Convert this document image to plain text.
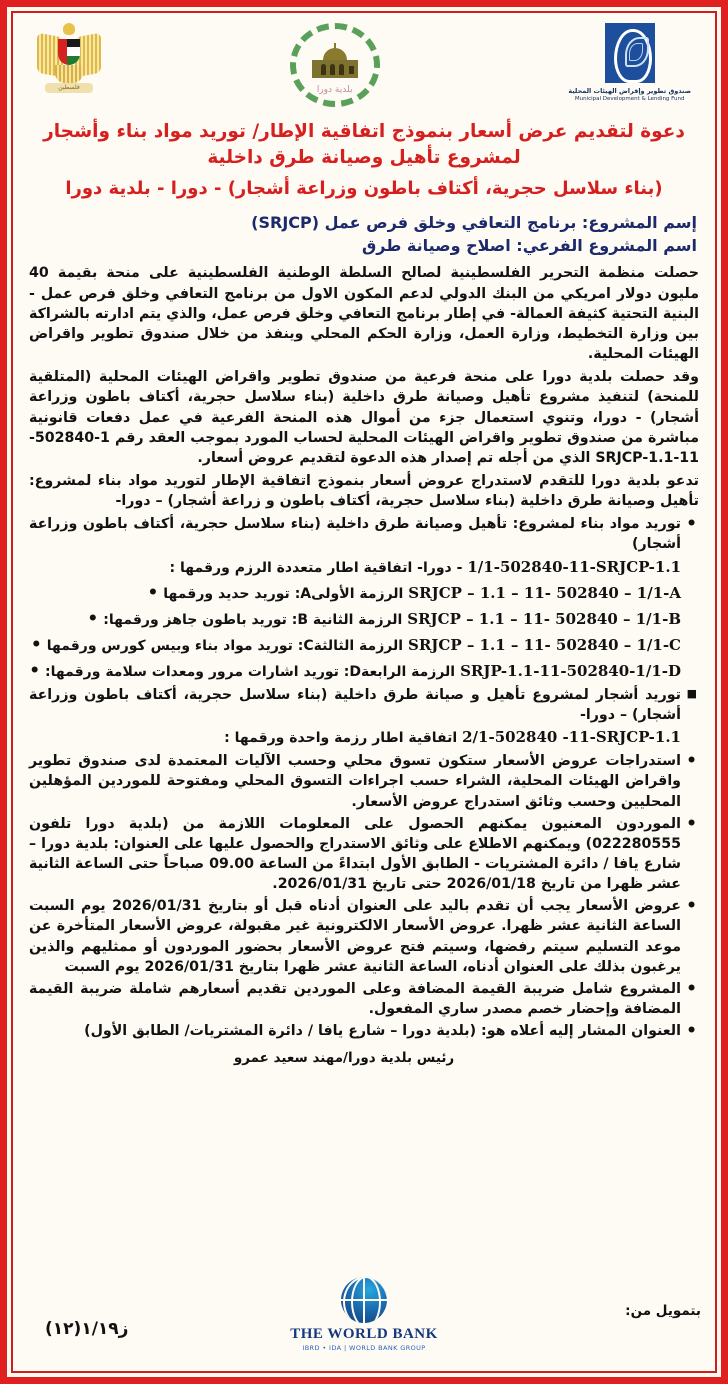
صندوق تطوير وإقراض الهيئات المحلية
Municipal Development & Lending Fund
بلدية دورا
فلسطين
دعوة لتقديم عرض أسعار بنموذج اتفاقية الإطار/ توريد مواد بناء وأشجار
لمشروع تأهيل وصيانة طرق داخلية
(بناء سلاسل حجرية، أكتاف باطون وزراعة أشجار) - دورا - بلدية دورا
إسم المشروع: برنامج التعافي وخلق فرص عمل (SRJCP)
اسم المشروع الفرعي: اصلاح وصيانة طرق

حصلت منظمة التحرير الفلسطينية لصالح السلطة الوطنية الفلسطينية على منحة بقيمة 40 مليون دولار امريكي من البنك الدولي لدعم المكون الاول من برنامج التعافي وخلق فرص عمل - البنية التحتية كثيفة العمالة- في إطار برنامج التعافي وخلق فرص عمل، والذي يتم ادارته بالشراكة بين وزارة التخطيط، وزارة العمل، وزارة الحكم المحلي وينفذ من خلال صندوق تطوير واقراض الهيئات المحلية.

وقد حصلت بلدية دورا على منحة فرعية من صندوق تطوير واقراض الهيئات المحلية (المتلقية للمنحة) لتنفيذ مشروع تأهيل وصيانة طرق داخلية (بناء سلاسل حجرية، أكتاف باطون وزراعة أشجار) - دورا، وتنوي استعمال جزء من أموال هذه المنحة الفرعية في عمل دفعات قانونية مباشرة من صندوق تطوير واقراض الهيئات المحلية لحساب المورد بموجب العقد رقم 1-502840-11-SRJCP-1.1 الذي من أجله تم إصدار هذه الدعوة لتقديم عروض أسعار.

تدعو بلدية دورا للتقدم لاستدراج عروض أسعار بنموذج اتفاقية الإطار لتوريد مواد بناء لمشروع: تأهيل وصيانة طرق داخلية (بناء سلاسل حجرية، أكتاف باطون و زراعة أشجار) – دورا-

• توريد مواد بناء لمشروع: تأهيل وصيانة طرق داخلية (بناء سلاسل حجرية، أكتاف باطون وزراعة أشجار)
1/1-502840-11-SRJCP-1.1 - دورا- اتفاقية اطار متعددة الرزم ورقمها :
SRJCP – 1.1 – 11- 502840 – 1/1-A الرزمة الأولىA: توريد حديد ورقمها •
SRJCP – 1.1 – 11- 502840 – 1/1-B الرزمة الثانية B: توريد باطون جاهز ورقمها: •
SRJCP – 1.1 – 11- 502840 – 1/1-C الرزمة الثالثةC: توريد مواد بناء وبيس كورس ورقمها •
SRJP-1.1-11-502840-1/1-D الرزمة الرابعةD: توريد اشارات مرور ومعدات سلامة ورقمها: •
■ توريد أشجار لمشروع تأهيل و صيانة طرق داخلية (بناء سلاسل حجرية، أكتاف باطون وزراعة أشجار) – دورا-
2/1-502840 -11-SRJCP-1.1 اتفاقية اطار رزمة واحدة ورقمها :
• استدراجات عروض الأسعار ستكون تسوق محلي وحسب الآليات المعتمدة لدى صندوق تطوير واقراض الهيئات المحلية، الشراء حسب اجراءات التسوق المحلي ومفتوحة للموردين المؤهلين المحليين وحسب وثائق استدراج عروض الأسعار.
• الموردون المعنيون يمكنهم الحصول على المعلومات اللازمة من (بلدية دورا تلفون 022280555) ويمكنهم الاطلاع على وثائق الاستدراج والحصول عليها على العنوان: بلدية دورا – شارع يافا / دائرة المشتريات - الطابق الأول ابتداءً من الساعة 09.00 صباحاً حتى الساعة الثانية عشر ظهرا من تاريخ 2026/01/18 حتى تاريخ 2026/01/31.
• عروض الأسعار يجب أن تقدم باليد على العنوان أدناه قبل أو بتاريخ 2026/01/31 يوم السبت الساعة الثانية عشر ظهرا. عروض الأسعار الالكترونية غير مقبولة، عروض الأسعار المتأخرة عن موعد التسليم سيتم رفضها، وسيتم فتح عروض الأسعار بحضور الموردون أو ممثليهم والذين يرغبون بذلك على العنوان أدناه، الساعة الثانية عشر ظهرا بتاريخ 2026/01/31 يوم السبت
• المشروع شامل ضريبة القيمة المضافة وعلى الموردين تقديم أسعارهم شاملة ضريبة القيمة المضافة وإحضار خصم مصدر ساري المفعول.
• العنوان المشار إليه أعلاه هو: (بلدية دورا – شارع يافا / دائرة المشتريات/ الطابق الأول)
رئيس بلدية دورا/مهند سعيد عمرو
بتمويل من:
THE WORLD BANK
IBRD • IDA | WORLD BANK GROUP
ز١/١٩(١٢)
